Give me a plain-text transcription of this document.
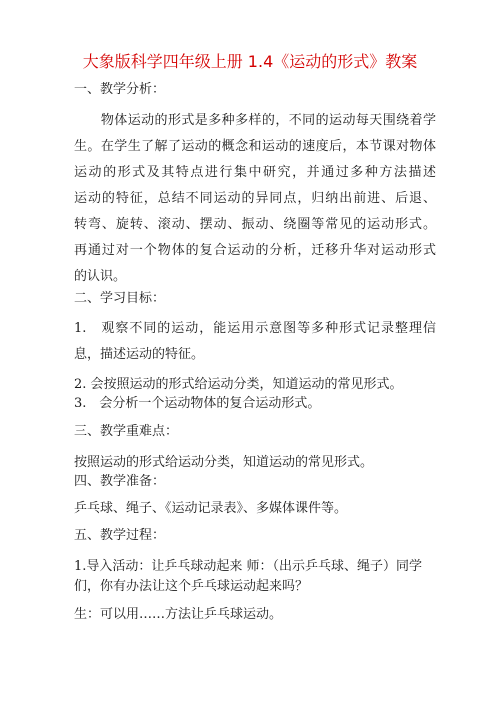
大象版科学四年级上册 1.4《运动的形式》教案
一、教学分析：
　　物体运动的形式是多种多样的，不同的运动每天围绕着学
生。在学生了解了运动的概念和运动的速度后，本节课对物体
运动的形式及其特点进行集中研究，并通过多种方法描述
运动的特征，总结不同运动的异同点，归纳出前进、后退、
转弯、旋转、滚动、摆动、振动、绕圈等常见的运动形式。
再通过对一个物体的复合运动的分析，迁移升华对运动形式
的认识。
二、学习目标：
1.　观察不同的运动，能运用示意图等多种形式记录整理信
息，描述运动的特征。
2. 会按照运动的形式给运动分类，知道运动的常见形式。
3.　会分析一个运动物体的复合运动形式。
三、教学重难点：
按照运动的形式给运动分类，知道运动的常见形式。
四、教学准备：
乒乓球、绳子、《运动记录表》、多媒体课件等。
五、教学过程：
1.导入活动：让乒乓球动起来 师：（出示乒乓球、绳子）同学
们，你有办法让这个乒乓球运动起来吗？
生：可以用……方法让乒乓球运动。
